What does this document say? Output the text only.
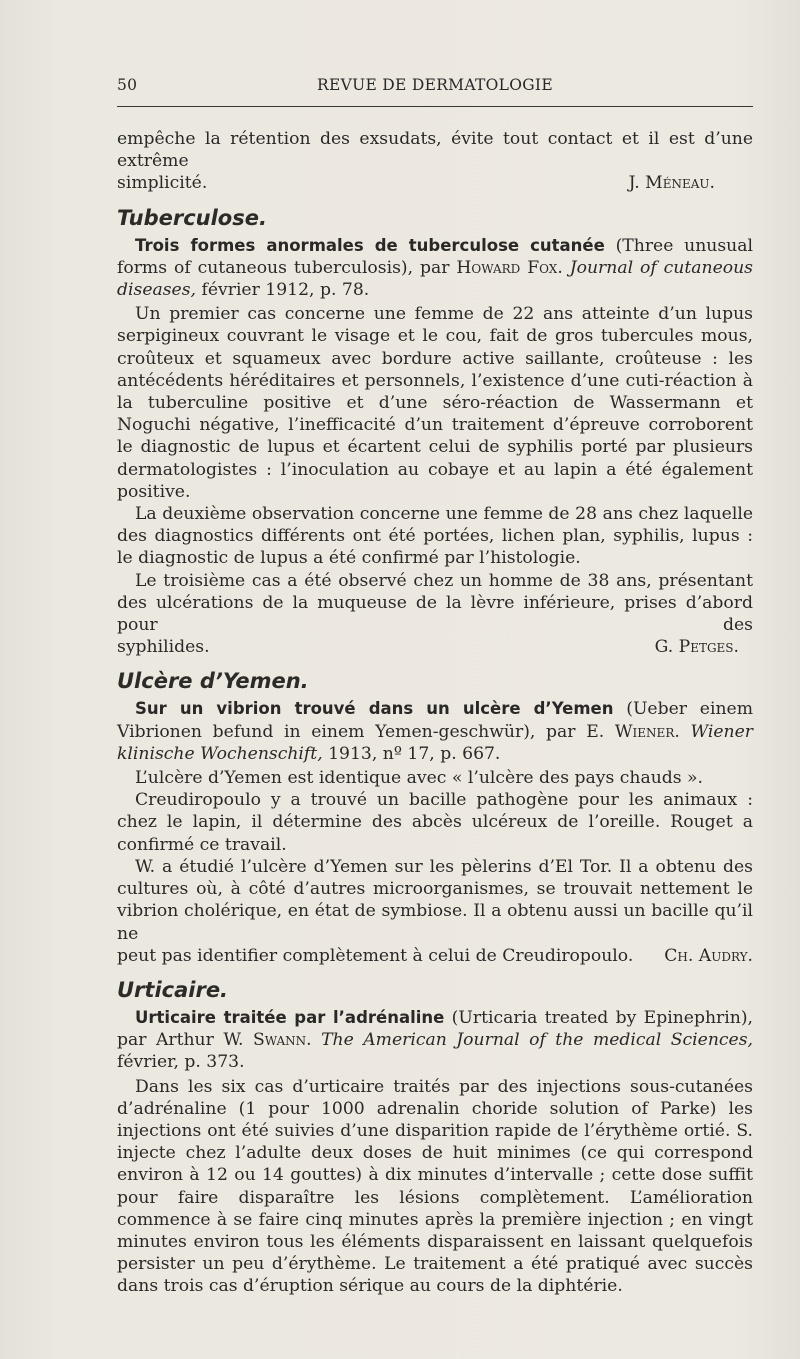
50	REVUE DE DERMATOLOGIE

empêche la rétention des exsudats, évite tout contact et il est d’une extrême

simplicité.	J. Méneau.
Tuberculose.

Trois formes anormales de tuberculose cutanée (Three unusual forms of cutaneous tuberculosis), par Howard Fox. Journal of cutaneous diseases, février 1912, p. 78.

Un premier cas concerne une femme de 22 ans atteinte d’un lupus serpigineux couvrant le visage et le cou, fait de gros tubercules mous, croûteux et squameux avec bordure active saillante, croûteuse : les antécédents héréditaires et personnels, l’existence d’une cuti-réaction à la tuberculine positive et d’une séro-réaction de Wassermann et Noguchi négative, l’inefficacité d’un traitement d’épreuve corroborent le diagnostic de lupus et écartent celui de syphilis porté par plusieurs dermatologistes : l’inoculation au cobaye et au lapin a été également positive.

La deuxième observation concerne une femme de 28 ans chez laquelle des diagnostics différents ont été portées, lichen plan, syphilis, lupus : le diagnostic de lupus a été confirmé par l’histologie.

Le troisième cas a été observé chez un homme de 38 ans, présentant des ulcérations de la muqueuse de la lèvre inférieure, prises d’abord pour des

syphilides.	G. Petges.
Ulcère d’Yemen.

Sur un vibrion trouvé dans un ulcère d’Yemen (Ueber einem Vibrionen befund in einem Yemen-geschwür), par E. Wiener. Wiener klinische Wochenschift, 1913, nº 17, p. 667.

L’ulcère d’Yemen est identique avec « l’ulcère des pays chauds ».

Creudiropoulo y a trouvé un bacille pathogène pour les animaux : chez le lapin, il détermine des abcès ulcéreux de l’oreille. Rouget a confirmé ce travail.

W. a étudié l’ulcère d’Yemen sur les pèlerins d’El Tor. Il a obtenu des cultures où, à côté d’autres microorganismes, se trouvait nettement le vibrion cholérique, en état de symbiose. Il a obtenu aussi un bacille qu’il ne

peut pas identifier complètement à celui de Creudiropoulo. Ch. Audry.
Urticaire.

Urticaire traitée par l’adrénaline (Urticaria treated by Epinephrin), par Arthur W. Swann. The American Journal of the medical Sciences, février, p. 373.

Dans les six cas d’urticaire traités par des injections sous-cutanées d’adrénaline (1 pour 1000 adrenalin choride solution of Parke) les injections ont été suivies d’une disparition rapide de l’érythème ortié. S. injecte chez l’adulte deux doses de huit minimes (ce qui correspond environ à 12 ou 14 gouttes) à dix minutes d’intervalle ; cette dose suffit pour faire disparaître les lésions complètement. L’amélioration commence à se faire cinq minutes après la première injection ; en vingt minutes environ tous les éléments disparaissent en laissant quelquefois persister un peu d’érythème. Le traitement a été pratiqué avec succès dans trois cas d’éruption sérique au cours de la diphtérie.
